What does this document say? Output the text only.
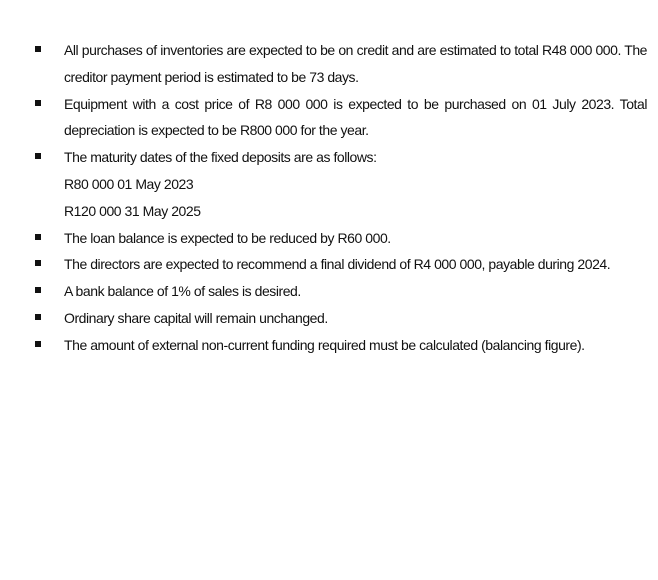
All purchases of inventories are expected to be on credit and are estimated to total R48 000 000. The
creditor payment period is estimated to be 73 days.
Equipment with a cost price of R8 000 000 is expected to be purchased on 01 July 2023. Total
depreciation is expected to be R800 000 for the year.
The maturity dates of the fixed deposits are as follows:
R80 000 01 May 2023
R120 000 31 May 2025
The loan balance is expected to be reduced by R60 000.
The directors are expected to recommend a final dividend of R4 000 000, payable during 2024.
A bank balance of 1% of sales is desired.
Ordinary share capital will remain unchanged.
The amount of external non-current funding required must be calculated (balancing figure).
